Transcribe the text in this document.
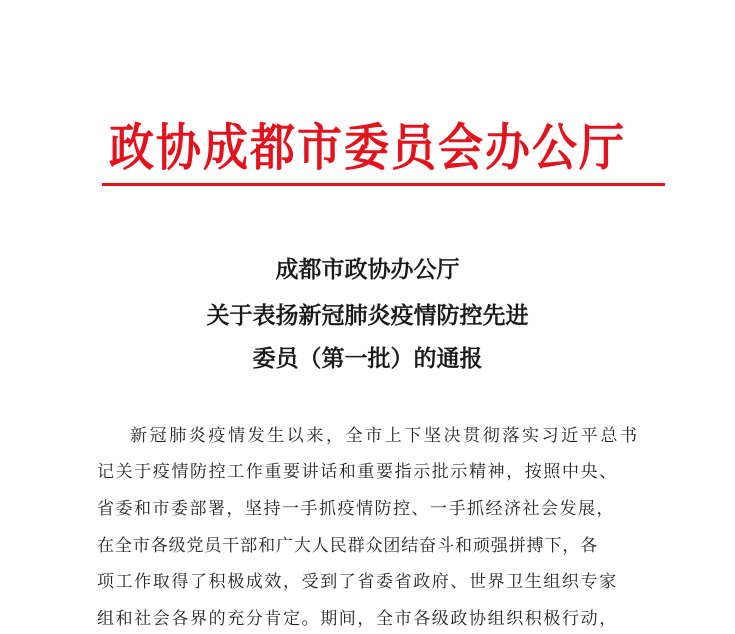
政协成都市委员会办公厅
成都市政协办公厅
关于表扬新冠肺炎疫情防控先进
委员（第一批）的通报
新冠肺炎疫情发生以来，全市上下坚决贯彻落实习近平总书
记关于疫情防控工作重要讲话和重要指示批示精神，按照中央、
省委和市委部署，坚持一手抓疫情防控、一手抓经济社会发展，
在全市各级党员干部和广大人民群众团结奋斗和顽强拼搏下，各
项工作取得了积极成效，受到了省委省政府、世界卫生组织专家
组和社会各界的充分肯定。期间，全市各级政协组织积极行动，
